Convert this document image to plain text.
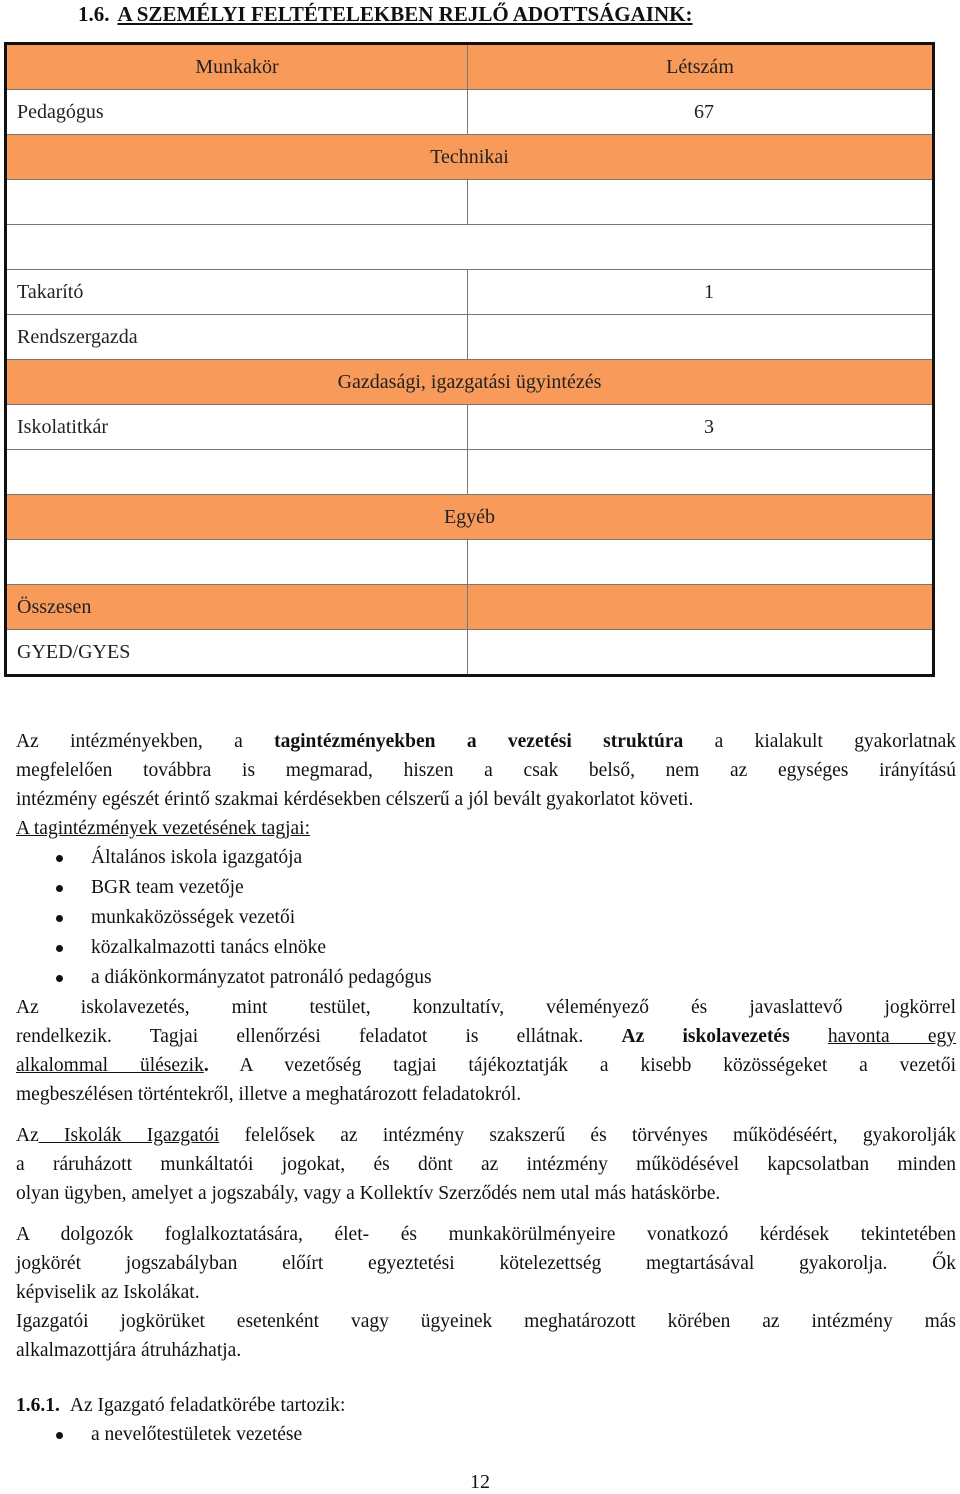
1.6. A SZEMÉLYI FELTÉTELEKBEN REJLŐ ADOTTSÁGAINK:
Munkakör	Létszám
Pedagógus	67
Technikai	

Takarító	1
Rendszergazda	
Gazdasági, igazgatási ügyintézés	
Iskolatitkár	3

Egyéb	

Összesen	
GYED/GYES	

Az intézményekben, a tagintézményekben a vezetési struktúra a kialakult gyakorlatnak
megfelelően továbbra is megmarad, hiszen a csak belső, nem az egységes irányítású
intézmény egészét érintő szakmai kérdésekben célszerű a jól bevált gyakorlatot követi.

A tagintézmények vezetésének tagjai:

Általános iskola igazgatója
BGR team vezetője
munkaközösségek vezetői
közalkalmazotti tanács elnöke
a diákönkormányzatot patronáló pedagógus

Az iskolavezetés, mint testület, konzultatív, véleményező és javaslattevő jogkörrel
rendelkezik. Tagjai ellenőrzési feladatot is ellátnak. Az iskolavezetés havonta egy
alkalommal ülésezik. A vezetőség tagjai tájékoztatják a kisebb közösségeket a vezetői
megbeszélésen történtekről, illetve a meghatározott feladatokról.

Az Iskolák Igazgatói felelősek az intézmény szakszerű és törvényes működéséért, gyakorolják
a ráruházott munkáltatói jogokat, és dönt az intézmény működésével kapcsolatban minden
olyan ügyben, amelyet a jogszabály, vagy a Kollektív Szerződés nem utal más hatáskörbe.

A dolgozók foglalkoztatására, élet- és munkakörülményeire vonatkozó kérdések tekintetében
jogkörét jogszabályban előírt egyeztetési kötelezettség megtartásával gyakorolja. Ők
képviselik az Iskolákat.

Igazgatói jogkörüket esetenként vagy ügyeinek meghatározott körében az intézmény más
alkalmazottjára átruházhatja.

1.6.1. Az Igazgató feladatkörébe tartozik:

a nevelőtestületek vezetése
12
